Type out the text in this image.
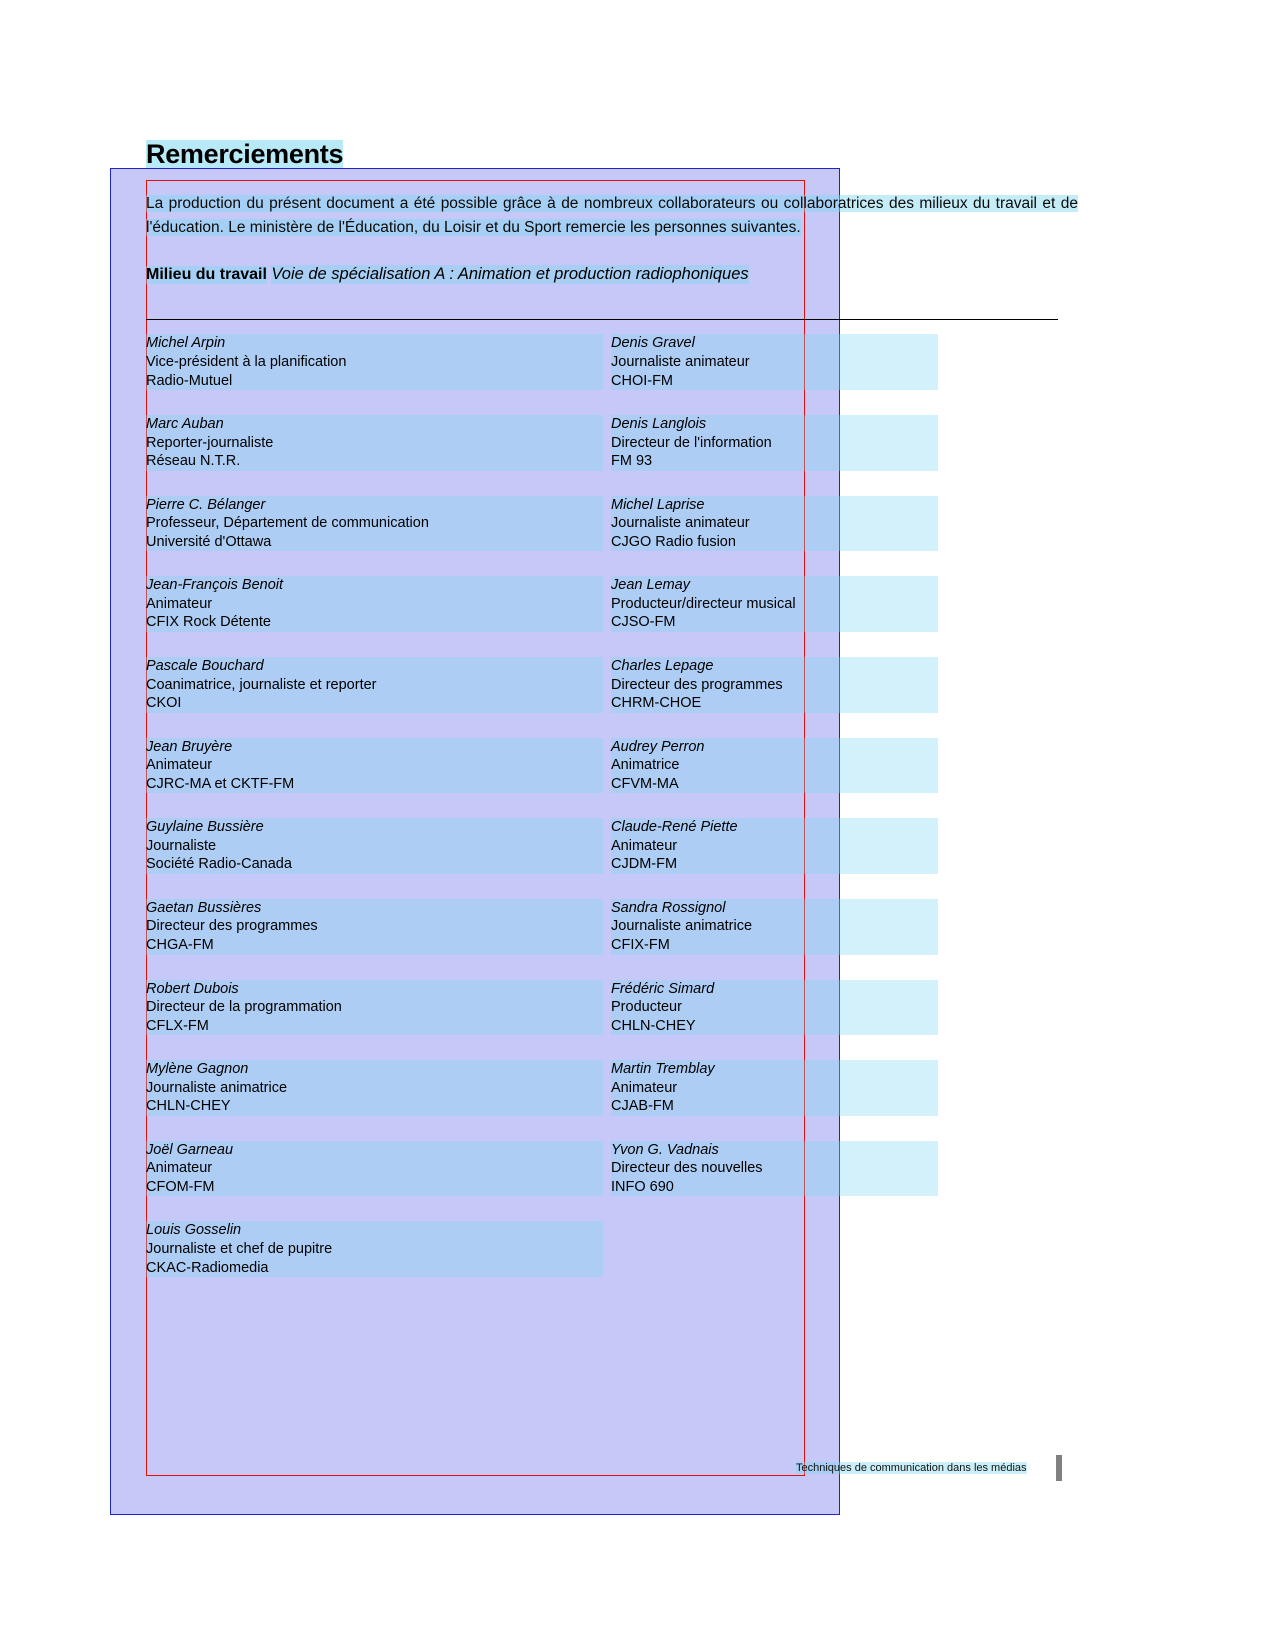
Remerciements

La production du présent document a été possible grâce à de nombreux collaborateurs ou collaboratrices des milieux du travail et de l'éducation. Le ministère de l'Éducation, du Loisir et du Sport remercie les personnes suivantes.

Milieu du travail Voie de spécialisation A : Animation et production radiophoniques
Michel Arpin
Vice-président à la planification
Radio-Mutuel
Denis Gravel
Journaliste animateur
CHOI-FM
Marc Auban
Reporter-journaliste
Réseau N.T.R.
Denis Langlois
Directeur de l'information
FM 93
Pierre C. Bélanger
Professeur, Département de communication
Université d'Ottawa
Michel Laprise
Journaliste animateur
CJGO Radio fusion
Jean-François Benoit
Animateur
CFIX Rock Détente
Jean Lemay
Producteur/directeur musical
CJSO-FM
Pascale Bouchard
Coanimatrice, journaliste et reporter
CKOI
Charles Lepage
Directeur des programmes
CHRM-CHOE
Jean Bruyère
Animateur
CJRC-MA et CKTF-FM
Audrey Perron
Animatrice
CFVM-MA
Guylaine Bussière
Journaliste
Société Radio-Canada
Claude-René Piette
Animateur
CJDM-FM
Gaetan Bussières
Directeur des programmes
CHGA-FM
Sandra Rossignol
Journaliste animatrice
CFIX-FM
Robert Dubois
Directeur de la programmation
CFLX-FM
Frédéric Simard
Producteur
CHLN-CHEY
Mylène Gagnon
Journaliste animatrice
CHLN-CHEY
Martin Tremblay
Animateur
CJAB-FM
Joël Garneau
Animateur
CFOM-FM
Yvon G. Vadnais
Directeur des nouvelles
INFO 690
Louis Gosselin
Journaliste et chef de pupitre
CKAC-Radiomedia
Techniques de communication dans les médias
